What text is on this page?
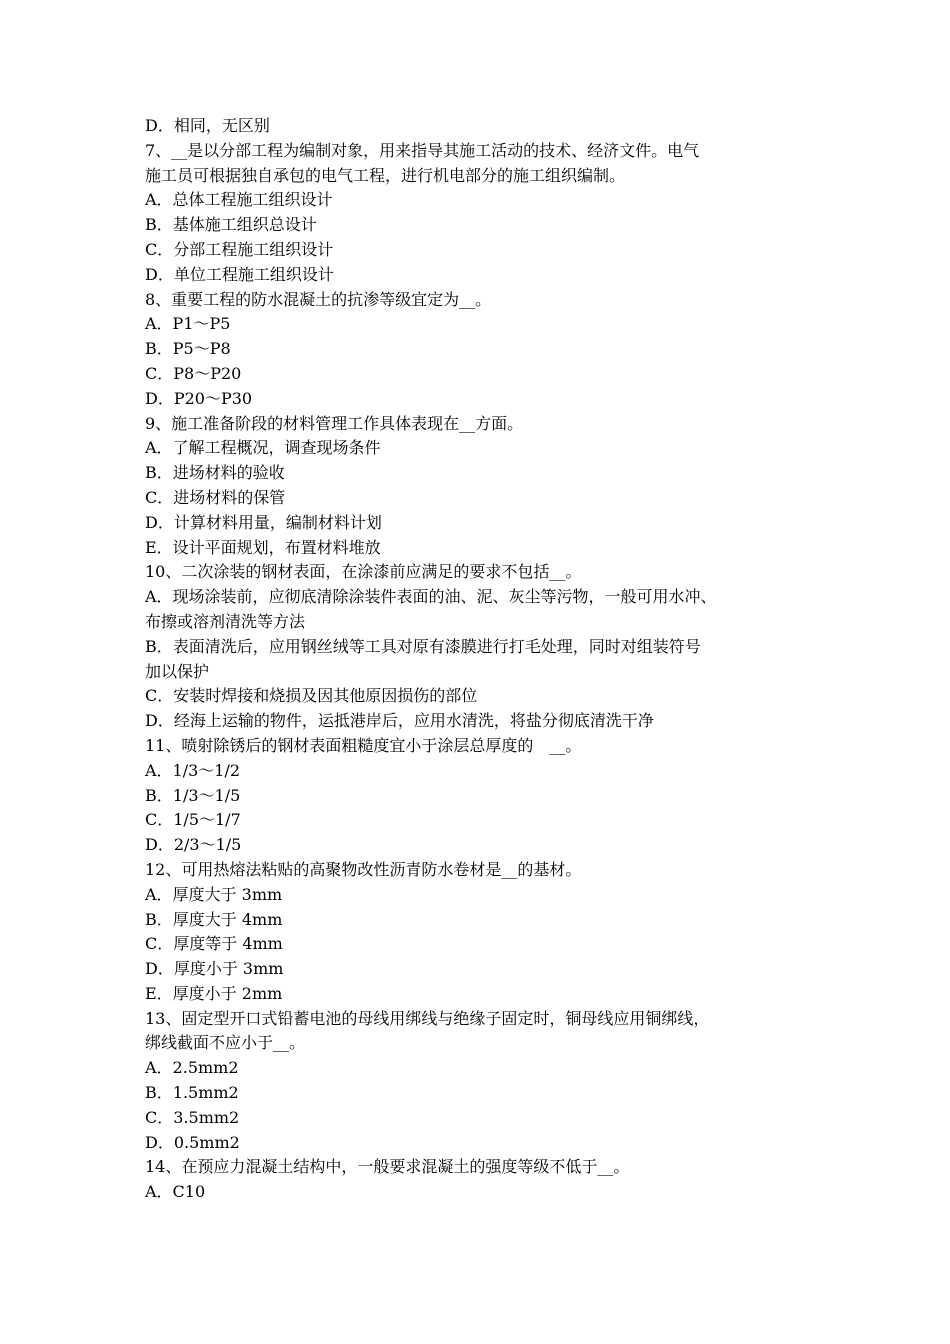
D．相同，无区别
7、__是以分部工程为编制对象，用来指导其施工活动的技术、经济文件。电气
施工员可根据独自承包的电气工程，进行机电部分的施工组织编制。
A．总体工程施工组织设计
B．基体施工组织总设计
C．分部工程施工组织设计
D．单位工程施工组织设计
8、重要工程的防水混凝土的抗渗等级宜定为__。
A．P1～P5
B．P5～P8
C．P8～P20
D．P20～P30
9、施工准备阶段的材料管理工作具体表现在__方面。
A．了解工程概况，调查现场条件
B．进场材料的验收
C．进场材料的保管
D．计算材料用量，编制材料计划
E．设计平面规划，布置材料堆放
10、二次涂装的钢材表面，在涂漆前应满足的要求不包括__。
A．现场涂装前，应彻底清除涂装件表面的油、泥、灰尘等污物，一般可用水冲、
布擦或溶剂清洗等方法
B．表面清洗后，应用钢丝绒等工具对原有漆膜进行打毛处理，同时对组装符号
加以保护
C．安装时焊接和烧损及因其他原因损伤的部位
D．经海上运输的物件，运抵港岸后，应用水清洗，将盐分彻底清洗干净
11、喷射除锈后的钢材表面粗糙度宜小于涂层总厚度的　__。
A．1/3～1/2
B．1/3～1/5
C．1/5～1/7
D．2/3～1/5
12、可用热熔法粘贴的高聚物改性沥青防水卷材是__的基材。
A．厚度大于 3mm
B．厚度大于 4mm
C．厚度等于 4mm
D．厚度小于 3mm
E．厚度小于 2mm
13、固定型开口式铅蓄电池的母线用绑线与绝缘子固定时，铜母线应用铜绑线，
绑线截面不应小于__。
A．2.5mm2
B．1.5mm2
C．3.5mm2
D．0.5mm2
14、在预应力混凝土结构中，一般要求混凝土的强度等级不低于__。
A．C10
